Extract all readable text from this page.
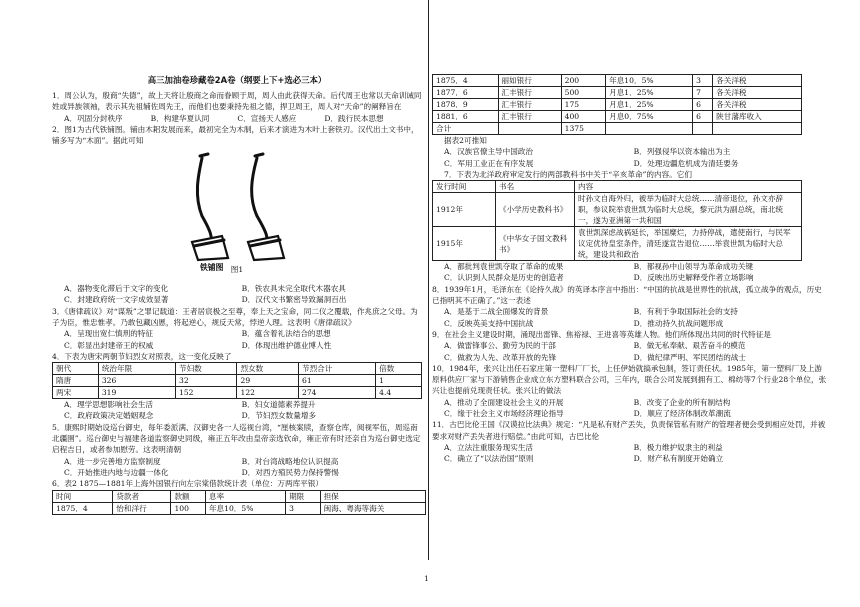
高三加油卷珍藏卷2A卷（纲要上下+选必三本）

1．周公认为，殷商“失德”，故上天将让殷商之命而眷顾于周，周人由此获得天命。后代周王也常以天命训诫同姓或异族领袖，表示其先祖辅佐周先王，而他们也要秉持先祖之德，捍卫周王，周人对“天命”的阐释旨在

A．巩固分封秩序	B．构建华夏认同	C．宣扬天人感应	D．践行民本思想

2．图1为古代铁铺图。铺由木耜发展而来，最初完全为木制，后来才演进为木叶上套铁刃。汉代出土文书中，铺多写为“木面”。据此可知

铁铺图 图1

A．器物变化滞后于文字的变化	B．铁农具未完全取代木器农具
C．封建政府统一文字成效显著	D．汉代文书繁密导致漏洞百出

3．《唐律疏议》对“谋叛”之罪记载道：王者居宸极之至尊，奉上天之宝命，同二仪之覆载，作兆庶之父母。为子为臣，惟忠惟孝。乃敢包藏凶慝，将起逆心，规反天常，悖逆人理。这表明《唐律疏议》

A．呈现出宽仁慎刑的特征	B．蕴含着礼法结合的思想
C．彰显出封建帝王的权威	D．体现出维护德业博人性

4．下表为唐宋两朝节妇烈女对照表，这一变化反映了

朝代	统治年限	节妇数	烈女数	节烈合计	倍数
隋唐	326	32	29	61	1
两宋	319	152	122	274	4.4
A．理学思想影响社会生活	B．妇女道德素养提升
C．政府政策决定婚姻观念	D．节妇烈女数量增多

5．康熙时期始设巡台御史，每年委派满、汉御史各一人巡视台湾，“厘核案牍，查察仓库，阅视军伍，周巡南北疆圉”。巡台御史与福建各道监察御史同级，雍正五年改由皇帝亲选钦命，雍正帝有时还亲自为巡台御史选定启程吉日，或者参加慰劳。这表明清朝

A．进一步完善地方监察制度	B．对台湾战略地位认识提高
C．开始推进内地与边疆一体化	D．对西方殖民势力保持警惕

6．表2 1875—1881年上海外国银行向左宗棠借款统计表（单位：万两库平银）

时间	贷款者	款额	息率	期限	担保
1875．4	怡和洋行	100	年息10．5%	3	闽海、粤海等海关
1875．4	丽如银行	200	年息10．5%	3	各关洋税
1877．6	汇丰银行	500	月息1．25%	7	各关洋税
1878．9	汇丰银行	175	月息1．25%	6	各关洋税
1881．6	汇丰银行	400	月息0．75%	6	陕甘藩库收入
合计		1375			

据表2可推知

A．汉族官僚主导中国政治	B．列强侵华以资本输出为主
C．军用工业正在有序发展	D．处理边疆危机成为清廷要务

7．下表为北洋政府审定发行的两部教科书中关于“辛亥革命”的内容。它们

发行时间	书名	内容
1912年	《小学历史教科书》	时孙文自海外归，被举为临时大总统……清帝退位，孙文亦辞职，参议院举袁世凯为临时大总统，黎元洪为副总统，南北统一，遂为亚洲第一共和国
1915年	《中华女子国文教科书》	袁世凯深虑战祸延长，举国糜烂，力持停战，遣使南行，与民军议定优待皇室条件，清廷遂宣告退位……举袁世凯为临时大总统，建设共和政治
A．都批判袁世凯夺取了革命的成果	B．都视孙中山领导为革命成功关键
C．认识到人民群众是历史的创造者	D．反映出历史解释受作者立场影响

8．1939年1月，毛泽东在《论持久战》的英译本序言中指出：“中国的抗战是世界性的抗战，孤立战争的观点，历史已指明其不正确了。”这一表述

A．是基于二战全面爆发的背景	B．有利于争取国际社会的支持
C．反映英美支持中国抗战	D．推动持久抗战问题形成

9．在社会主义建设时期，涌现出雷锋、焦裕禄、王进喜等英雄人物。他们所体现出共同的时代特征是

A．做雷锋事公、勤劳为民的干部	B．做无私奉献、艰苦奋斗的模范
C．做救为人先、改革开放的先锋	D．做纪律严明、军民团结的战士

10．1984年，张兴让出任石家庄第一塑料厂厂长，上任伊始就搞承包制，签订责任状。1985年，第一塑料厂及上游原料供应厂家与下游销售企业成立东方塑料联合公司，三年内，联合公司发展到拥有工、棉纺等7个行业28个单位，张兴让也提前兑现责任状。张兴让的做法

A．推动了全面建设社会主义的开展	B．改变了企业的所有制结构
C．缘于社会主义市场经济理论指导	D．顺应了经济体制改革潮流

11．古巴比伦王国《汉谟拉比法典》规定：“凡是私有财产丢失，负责保管私有财产的管理者便会受到相应处罚，并被要求对财产丢失者进行赔偿。”由此可知，古巴比伦

A．立法注重服务现实生活	B．极力维护奴隶主的利益
C．确立了“以法治国”原则	D．财产私有制度开始确立
1
